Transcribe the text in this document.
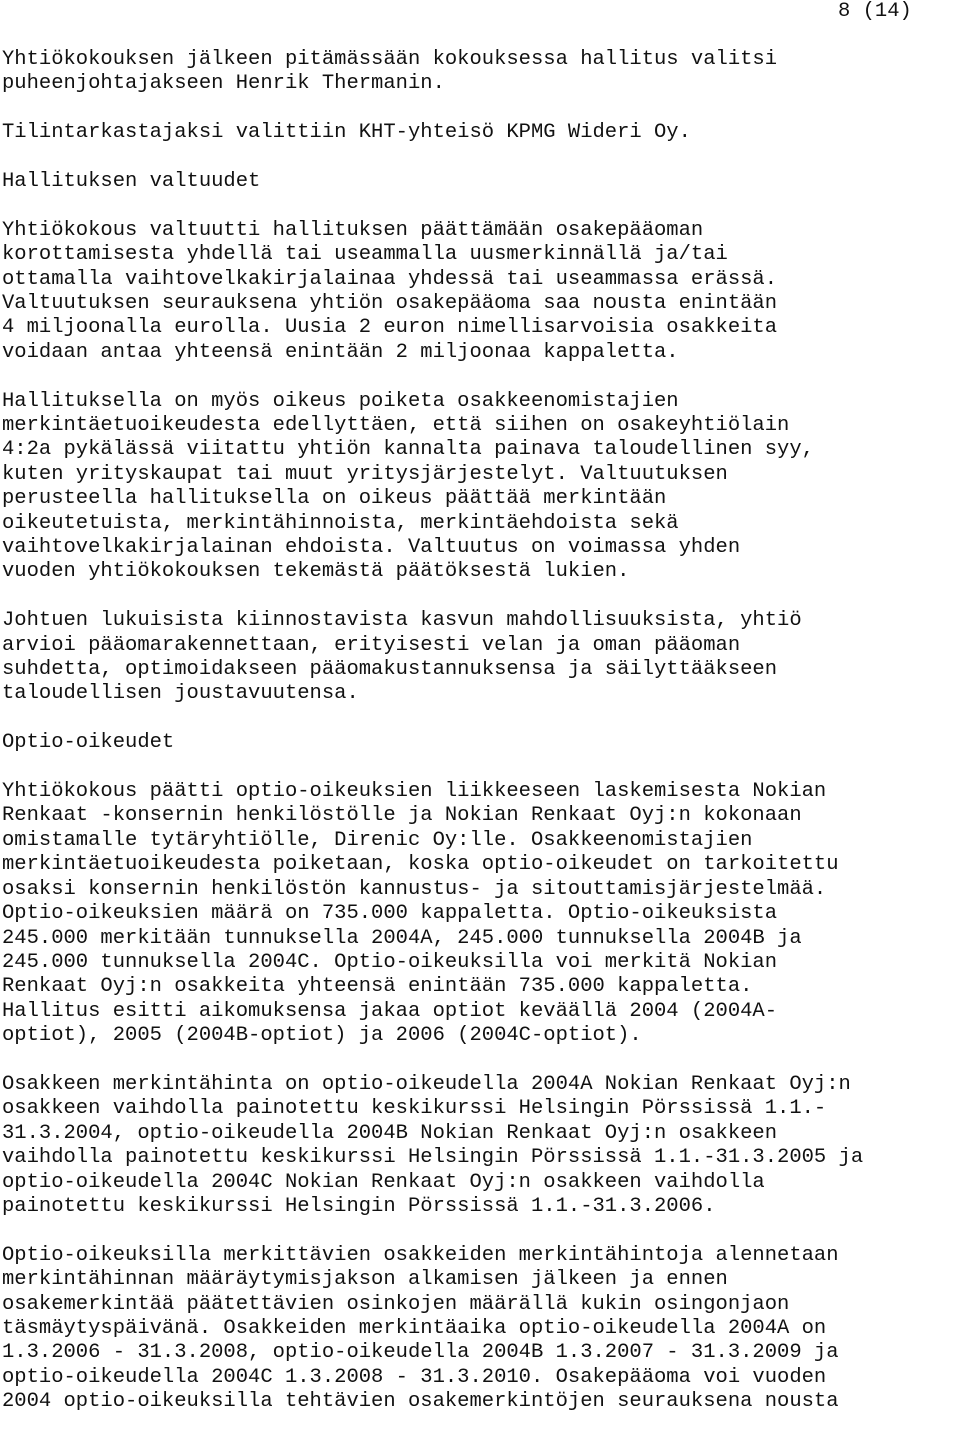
8 (14)
Yhtiökokouksen jälkeen pitämässään kokouksessa hallitus valitsi
puheenjohtajakseen Henrik Thermanin.
Tilintarkastajaksi valittiin KHT-yhteisö KPMG Wideri Oy.
Hallituksen valtuudet
Yhtiökokous valtuutti hallituksen päättämään osakepääoman
korottamisesta yhdellä tai useammalla uusmerkinnällä ja/tai
ottamalla vaihtovelkakirjalainaa yhdessä tai useammassa erässä.
Valtuutuksen seurauksena yhtiön osakepääoma saa nousta enintään
4 miljoonalla eurolla. Uusia 2 euron nimellisarvoisia osakkeita
voidaan antaa yhteensä enintään 2 miljoonaa kappaletta.
Hallituksella on myös oikeus poiketa osakkeenomistajien
merkintäetuoikeudesta edellyttäen, että siihen on osakeyhtiölain
4:2a pykälässä viitattu yhtiön kannalta painava taloudellinen syy,
kuten yrityskaupat tai muut yritysjärjestelyt. Valtuutuksen
perusteella hallituksella on oikeus päättää merkintään
oikeutetuista, merkintähinnoista, merkintäehdoista sekä
vaihtovelkakirjalainan ehdoista. Valtuutus on voimassa yhden
vuoden yhtiökokouksen tekemästä päätöksestä lukien.
Johtuen lukuisista kiinnostavista kasvun mahdollisuuksista, yhtiö
arvioi pääomarakennettaan, erityisesti velan ja oman pääoman
suhdetta, optimoidakseen pääomakustannuksensa ja säilyttääkseen
taloudellisen joustavuutensa.
Optio-oikeudet
Yhtiökokous päätti optio-oikeuksien liikkeeseen laskemisesta Nokian
Renkaat -konsernin henkilöstölle ja Nokian Renkaat Oyj:n kokonaan
omistamalle tytäryhtiölle, Direnic Oy:lle. Osakkeenomistajien
merkintäetuoikeudesta poiketaan, koska optio-oikeudet on tarkoitettu
osaksi konsernin henkilöstön kannustus- ja sitouttamisjärjestelmää.
Optio-oikeuksien määrä on 735.000 kappaletta. Optio-oikeuksista
245.000 merkitään tunnuksella 2004A, 245.000 tunnuksella 2004B ja
245.000 tunnuksella 2004C. Optio-oikeuksilla voi merkitä Nokian
Renkaat Oyj:n osakkeita yhteensä enintään 735.000 kappaletta.
Hallitus esitti aikomuksensa jakaa optiot keväällä 2004 (2004A-
optiot), 2005 (2004B-optiot) ja 2006 (2004C-optiot).
Osakkeen merkintähinta on optio-oikeudella 2004A Nokian Renkaat Oyj:n
osakkeen vaihdolla painotettu keskikurssi Helsingin Pörssissä 1.1.-
31.3.2004, optio-oikeudella 2004B Nokian Renkaat Oyj:n osakkeen
vaihdolla painotettu keskikurssi Helsingin Pörssissä 1.1.-31.3.2005 ja
optio-oikeudella 2004C Nokian Renkaat Oyj:n osakkeen vaihdolla
painotettu keskikurssi Helsingin Pörssissä 1.1.-31.3.2006.
Optio-oikeuksilla merkittävien osakkeiden merkintähintoja alennetaan
merkintähinnan määräytymisjakson alkamisen jälkeen ja ennen
osakemerkintää päätettävien osinkojen määrällä kukin osingonjaon
täsmäytyspäivänä. Osakkeiden merkintäaika optio-oikeudella 2004A on
1.3.2006 - 31.3.2008, optio-oikeudella 2004B 1.3.2007 - 31.3.2009 ja
optio-oikeudella 2004C 1.3.2008 - 31.3.2010. Osakepääoma voi vuoden
2004 optio-oikeuksilla tehtävien osakemerkintöjen seurauksena nousta
